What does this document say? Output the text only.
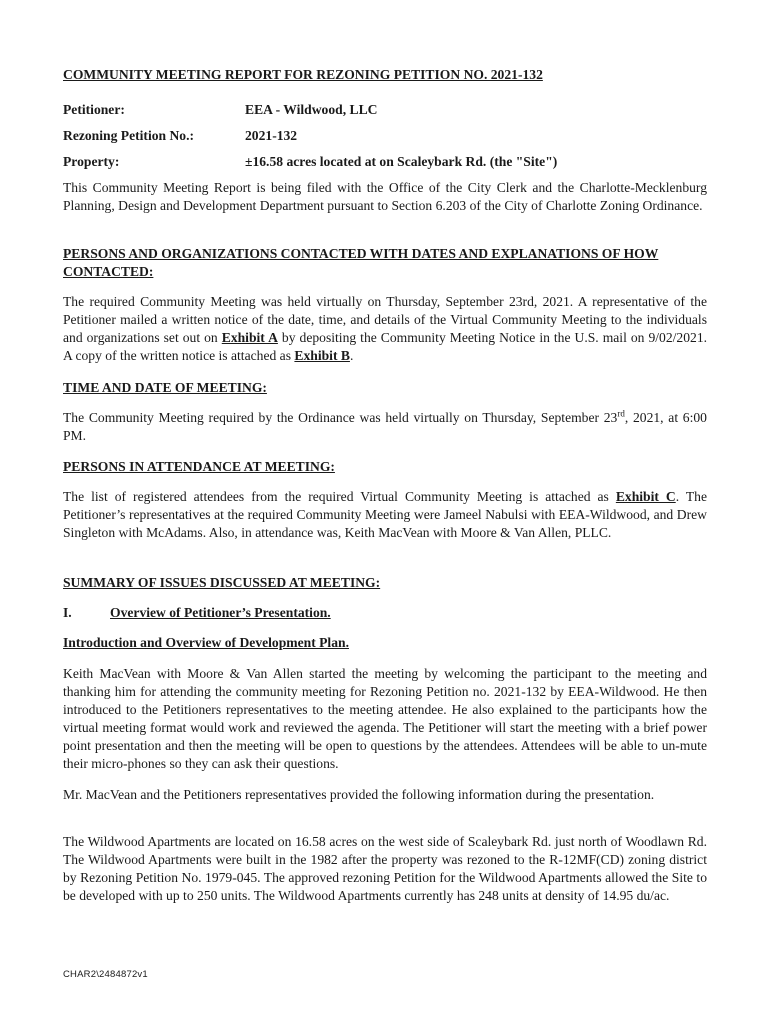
COMMUNITY MEETING REPORT FOR REZONING PETITION NO. 2021-132
Petitioner:	EEA - Wildwood, LLC
Rezoning Petition No.:	2021-132
Property:	±16.58 acres located at on Scaleybark Rd. (the "Site")

This Community Meeting Report is being filed with the Office of the City Clerk and the Charlotte-Mecklenburg Planning, Design and Development Department pursuant to Section 6.203 of the City of Charlotte Zoning Ordinance.

PERSONS AND ORGANIZATIONS CONTACTED WITH DATES AND EXPLANATIONS OF HOW CONTACTED:

The required Community Meeting was held virtually on Thursday, September 23rd, 2021. A representative of the Petitioner mailed a written notice of the date, time, and details of the Virtual Community Meeting to the individuals and organizations set out on Exhibit A by depositing the Community Meeting Notice in the U.S. mail on 9/02/2021. A copy of the written notice is attached as Exhibit B.

TIME AND DATE OF MEETING:

The Community Meeting required by the Ordinance was held virtually on Thursday, September 23rd, 2021, at 6:00 PM.

PERSONS IN ATTENDANCE AT MEETING:

The list of registered attendees from the required Virtual Community Meeting is attached as Exhibit C. The Petitioner’s representatives at the required Community Meeting were Jameel Nabulsi with EEA-Wildwood, and Drew Singleton with McAdams. Also, in attendance was, Keith MacVean with Moore & Van Allen, PLLC.

SUMMARY OF ISSUES DISCUSSED AT MEETING:
I.	Overview of Petitioner’s Presentation.
Introduction and Overview of Development Plan.

Keith MacVean with Moore & Van Allen started the meeting by welcoming the participant to the meeting and thanking him for attending the community meeting for Rezoning Petition no. 2021-132 by EEA-Wildwood. He then introduced to the Petitioners representatives to the meeting attendee. He also explained to the participants how the virtual meeting format would work and reviewed the agenda. The Petitioner will start the meeting with a brief power point presentation and then the meeting will be open to questions by the attendees. Attendees will be able to un-mute their micro-phones so they can ask their questions.

Mr. MacVean and the Petitioners representatives provided the following information during the presentation.

The Wildwood Apartments are located on 16.58 acres on the west side of Scaleybark Rd. just north of Woodlawn Rd. The Wildwood Apartments were built in the 1982 after the property was rezoned to the R-12MF(CD) zoning district by Rezoning Petition No. 1979-045. The approved rezoning Petition for the Wildwood Apartments allowed the Site to be developed with up to 250 units. The Wildwood Apartments currently has 248 units at density of 14.95 du/ac.

CHAR2\2484872v1
